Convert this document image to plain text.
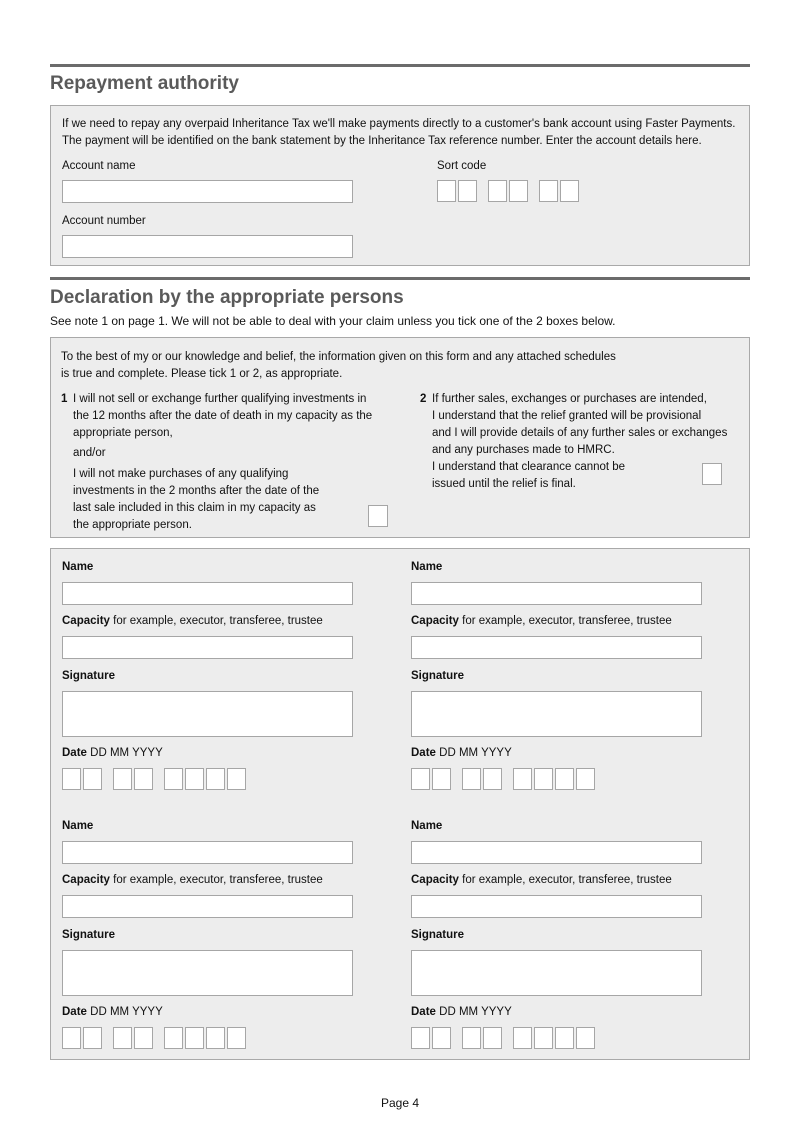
Repayment authority
If we need to repay any overpaid Inheritance Tax we'll make payments directly to a customer's bank account using Faster Payments.
The payment will be identified on the bank statement by the Inheritance Tax reference number. Enter the account details here.
Account name	Sort code
Account number
Declaration by the appropriate persons
See note 1 on page 1. We will not be able to deal with your claim unless you tick one of the 2 boxes below.
To the best of my or our knowledge and belief, the information given on this form and any attached schedules
is true and complete. Please tick 1 or 2, as appropriate.
1 I will not sell or exchange further qualifying investments in
the 12 months after the date of death in my capacity as the
appropriate person,
and/or
I will not make purchases of any qualifying
investments in the 2 months after the date of the
last sale included in this claim in my capacity as
the appropriate person.
2 If further sales, exchanges or purchases are intended,
I understand that the relief granted will be provisional
and I will provide details of any further sales or exchanges
and any purchases made to HMRC.
I understand that clearance cannot be
issued until the relief is final.
Name
Capacity for example, executor, transferee, trustee
Signature
Date DD MM YYYY
Name
Capacity for example, executor, transferee, trustee
Signature
Date DD MM YYYY
Name
Capacity for example, executor, transferee, trustee
Signature
Date DD MM YYYY
Name
Capacity for example, executor, transferee, trustee
Signature
Date DD MM YYYY
Page 4
